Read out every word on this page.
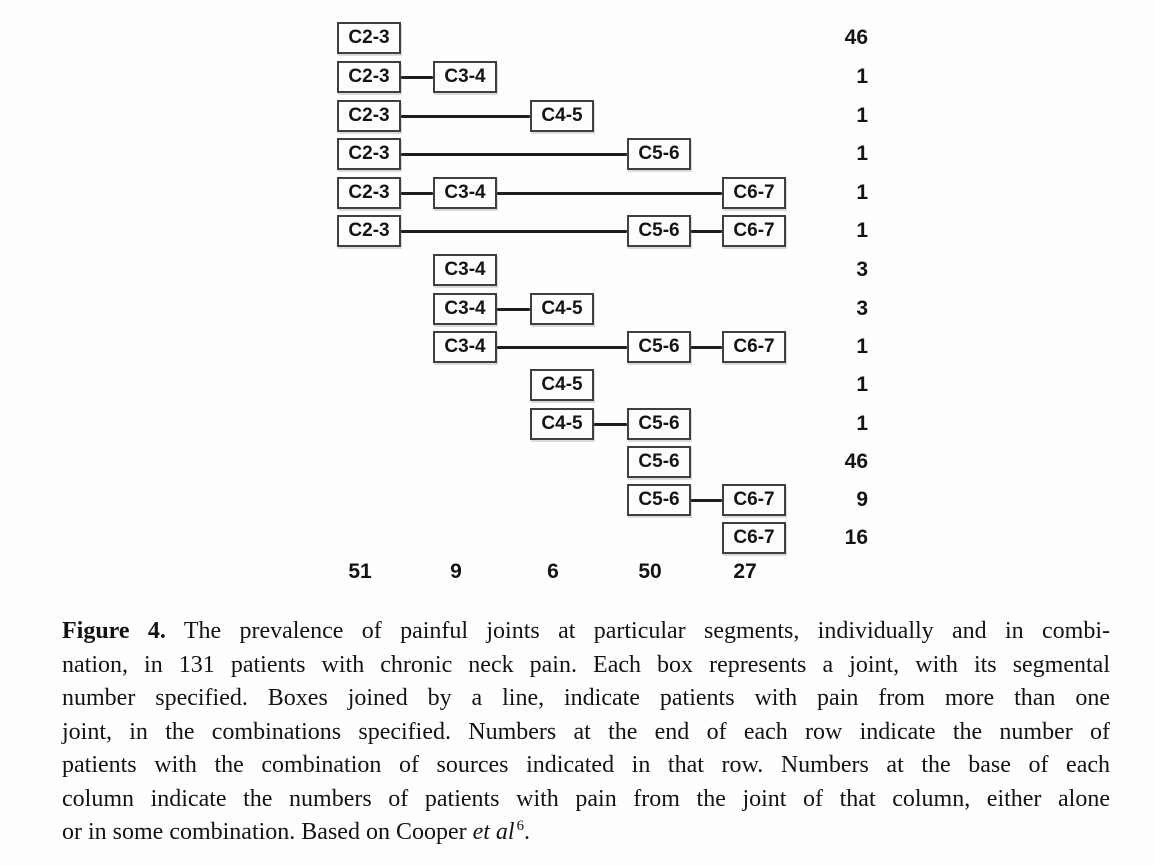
C2-3	46
C2-3	C3-4	1
C2-3	C4-5	1
C2-3	C5-6	1
C2-3	C3-4	C6-7	1
C2-3	C5-6	C6-7	1
C3-4	3
C3-4	C4-5	3
C3-4	C5-6	C6-7	1
C4-5	1
C4-5	C5-6	1
C5-6	46
C5-6	C6-7	9
C6-7	16
51	9	6	50	27
Figure 4. The prevalence of painful joints at particular segments, individually and in combi-
nation, in 131 patients with chronic neck pain. Each box represents a joint, with its segmental
number specified. Boxes joined by a line, indicate patients with pain from more than one
joint, in the combinations specified. Numbers at the end of each row indicate the number of
patients with the combination of sources indicated in that row. Numbers at the base of each
column indicate the numbers of patients with pain from the joint of that column, either alone
or in some combination. Based on Cooper et al $^6$.
